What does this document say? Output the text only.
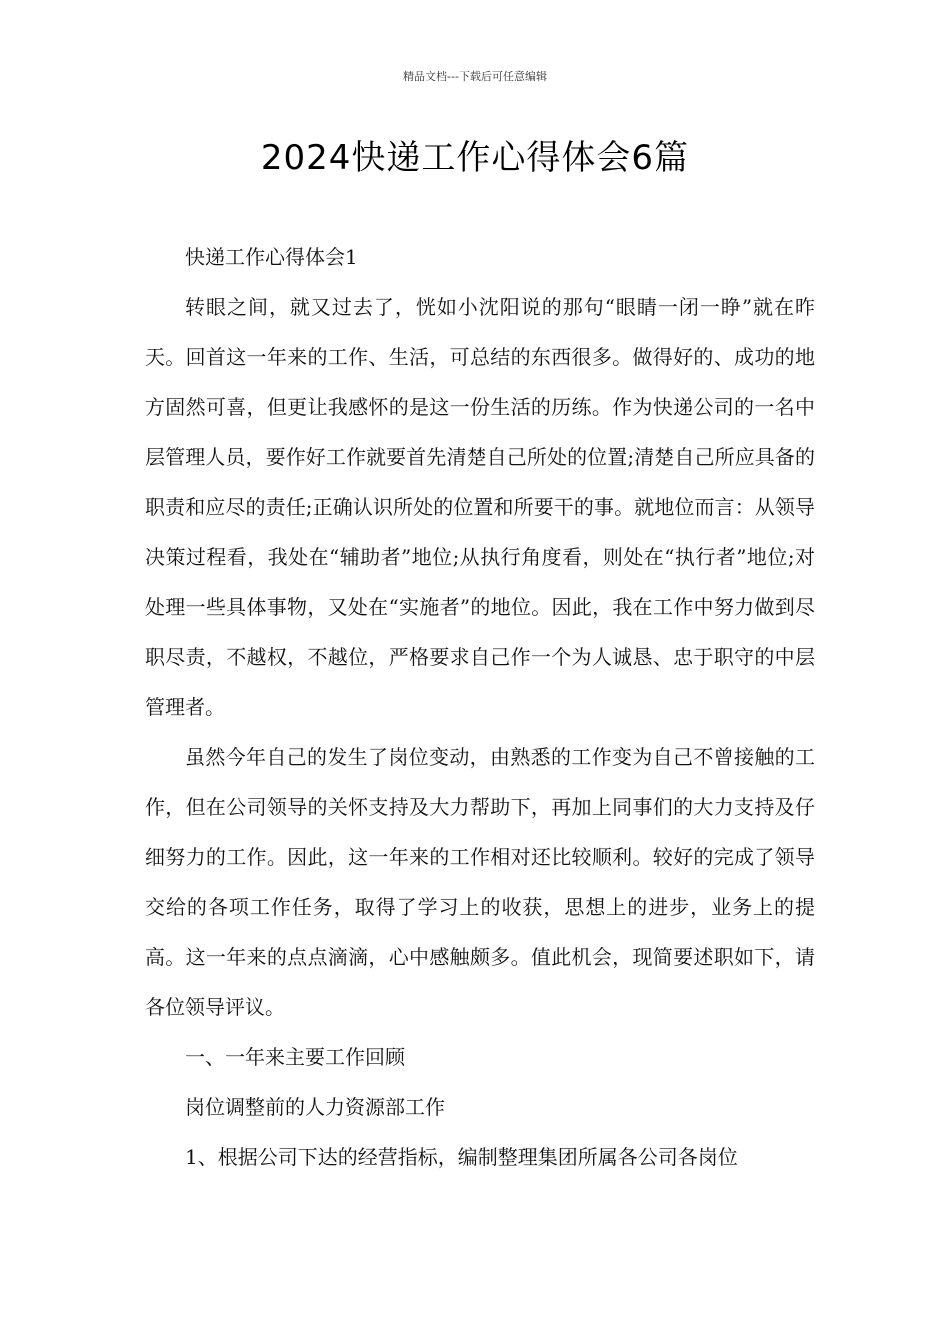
精品文档---下载后可任意编辑
2024快递工作心得体会6篇

快递工作心得体会1

转眼之间，就又过去了，恍如小沈阳说的那句“眼睛一闭一睁”就在昨天。回首这一年来的工作、生活，可总结的东西很多。做得好的、成功的地方固然可喜，但更让我感怀的是这一份生活的历练。作为快递公司的一名中层管理人员，要作好工作就要首先清楚自己所处的位置;清楚自己所应具备的职责和应尽的责任;正确认识所处的位置和所要干的事。就地位而言：从领导决策过程看，我处在“辅助者”地位;从执行角度看，则处在“执行者”地位;对处理一些具体事物，又处在“实施者”的地位。因此，我在工作中努力做到尽职尽责，不越权，不越位，严格要求自己作一个为人诚恳、忠于职守的中层管理者。

虽然今年自己的发生了岗位变动，由熟悉的工作变为自己不曾接触的工作，但在公司领导的关怀支持及大力帮助下，再加上同事们的大力支持及仔细努力的工作。因此，这一年来的工作相对还比较顺利。较好的完成了领导交给的各项工作任务，取得了学习上的收获，思想上的进步，业务上的提高。这一年来的点点滴滴，心中感触颇多。值此机会，现简要述职如下，请各位领导评议。

一、一年来主要工作回顾

岗位调整前的人力资源部工作

1、根据公司下达的经营指标，编制整理集团所属各公司各岗位
